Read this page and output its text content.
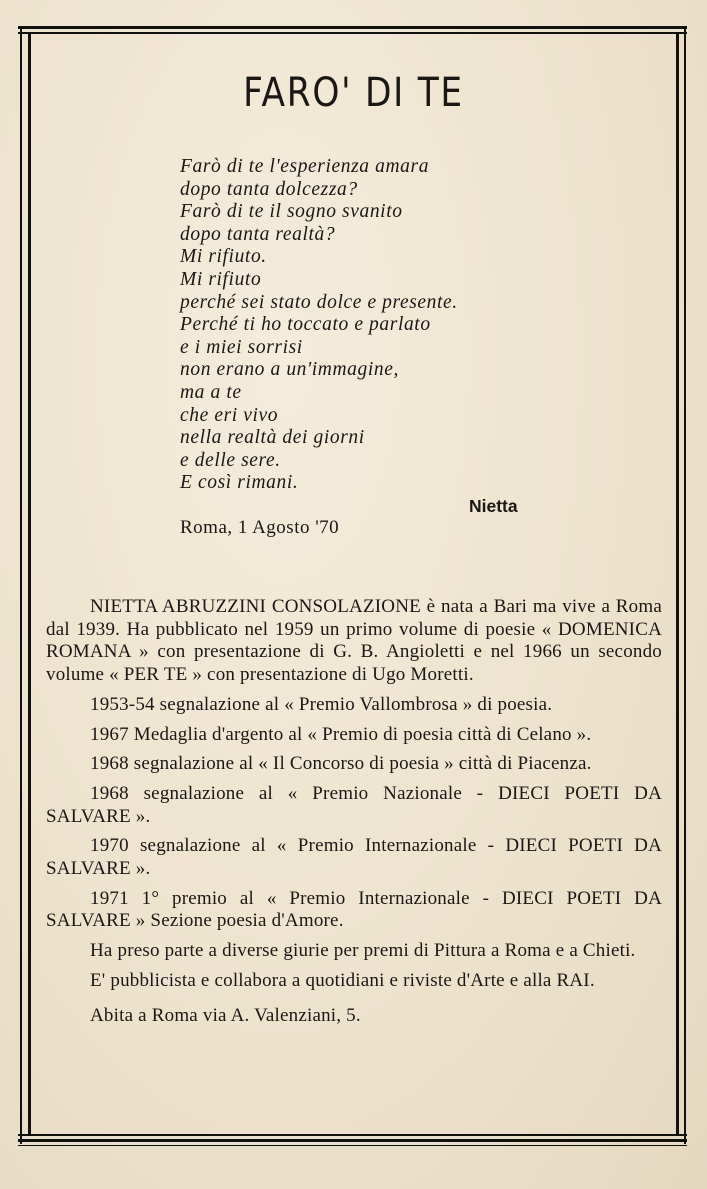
FARO' DI TE
Farò di te l'esperienza amara
dopo tanta dolcezza?
Farò di te il sogno svanito
dopo tanta realtà?
Mi rifiuto.
Mi rifiuto
perché sei stato dolce e presente.
Perché ti ho toccato e parlato
e i miei sorrisi
non erano a un'immagine,
ma a te
che eri vivo
nella realtà dei giorni
e delle sere.
E così rimani.
Nietta
Roma, 1 Agosto '70

NIETTA ABRUZZINI CONSOLAZIONE è nata a Bari ma vive a Roma dal 1939. Ha pubblicato nel 1959 un primo volume di poesie « DOMENICA ROMANA » con presentazione di G. B. Angioletti e nel 1966 un secondo volume « PER TE » con presentazione di Ugo Moretti.

1953-54 segnalazione al « Premio Vallombrosa » di poesia.

1967 Medaglia d'argento al « Premio di poesia città di Celano ».

1968 segnalazione al « Il Concorso di poesia » città di Piacenza.

1968 segnalazione al « Premio Nazionale - DIECI POETI DA SALVARE ».

1970 segnalazione al « Premio Internazionale - DIECI POETI DA SALVARE ».

1971 1° premio al « Premio Internazionale - DIECI POETI DA SALVARE » Sezione poesia d'Amore.

Ha preso parte a diverse giurie per premi di Pittura a Roma e a Chieti.

E' pubblicista e collabora a quotidiani e riviste d'Arte e alla RAI.

Abita a Roma via A. Valenziani, 5.
